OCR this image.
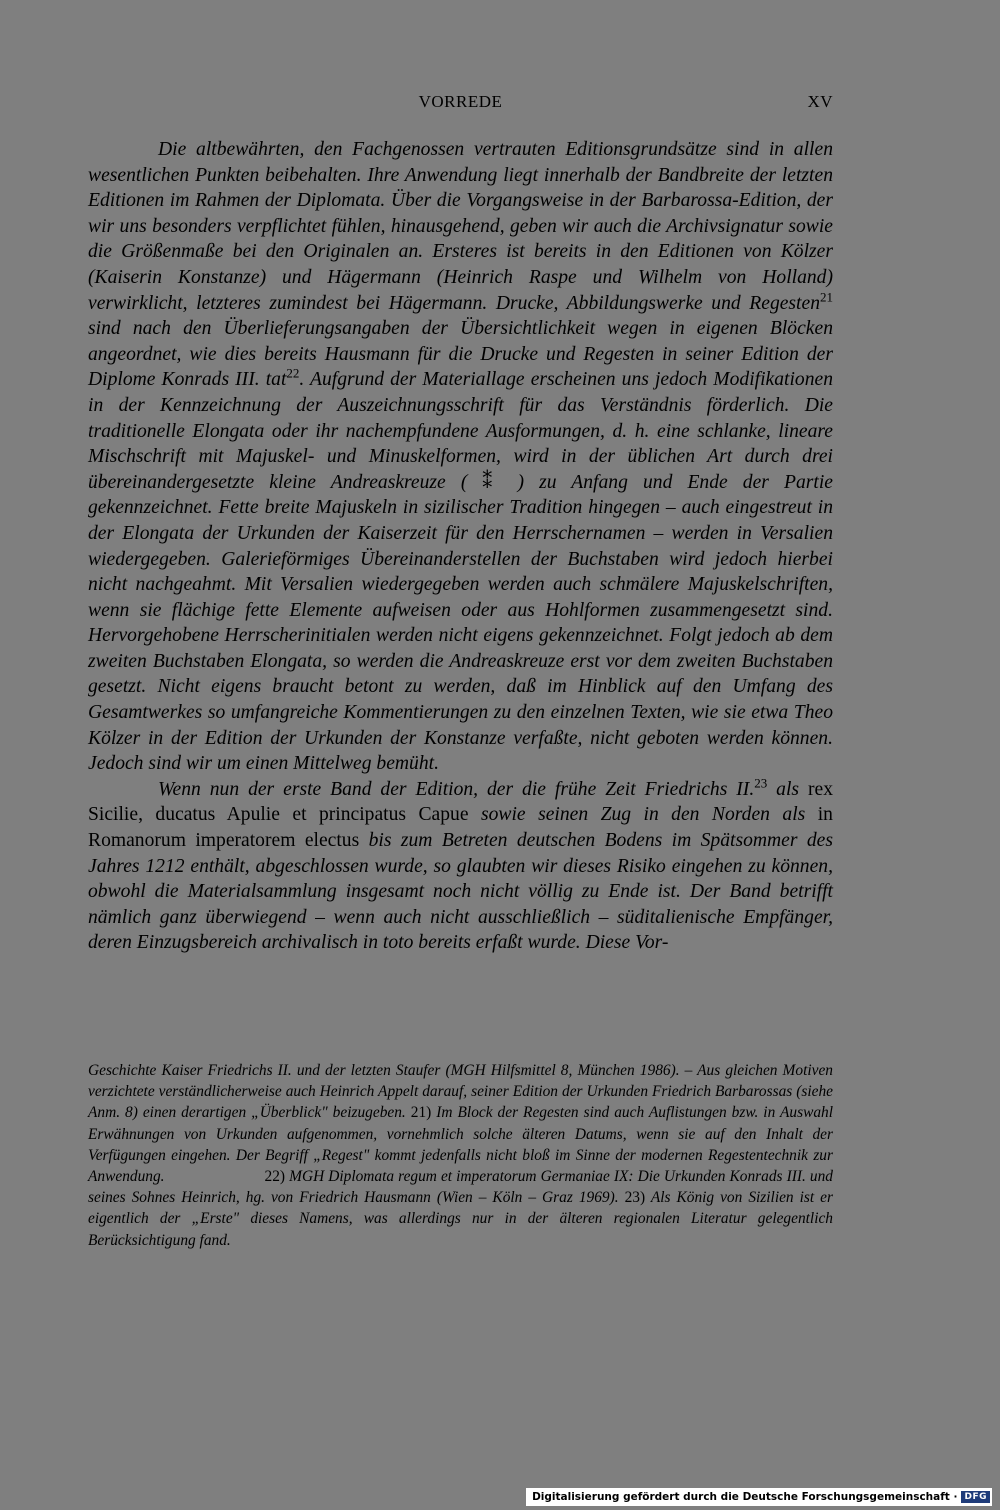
VORREDE	XV

Die altbewährten, den Fachgenossen vertrauten Editionsgrundsätze sind in allen wesentlichen Punkten beibehalten. Ihre Anwendung liegt innerhalb der Bandbreite der letzten Editionen im Rahmen der Diplomata. Über die Vorgangsweise in der Barbarossa-Edition, der wir uns besonders verpflichtet fühlen, hinausgehend, geben wir auch die Archivsignatur sowie die Größenmaße bei den Originalen an. Ersteres ist bereits in den Editionen von Kölzer (Kaiserin Konstanze) und Hägermann (Heinrich Raspe und Wilhelm von Holland) verwirklicht, letzteres zumindest bei Hägermann. Drucke, Abbildungswerke und Regesten$^{21}$ sind nach den Überlieferungsangaben der Übersichtlichkeit wegen in eigenen Blöcken angeordnet, wie dies bereits Hausmann für die Drucke und Regesten in seiner Edition der Diplome Konrads III. tat$^{22}$. Aufgrund der Materiallage erscheinen uns jedoch Modifikationen in der Kennzeichnung der Auszeichnungsschrift für das Verständnis förderlich. Die traditionelle Elongata oder ihr nachempfundene Ausformungen, d. h. eine schlanke, lineare Mischschrift mit Majuskel- und Minuskelformen, wird in der üblichen Art durch drei übereinandergesetzte kleine Andreaskreuze ( ⁑ ) zu Anfang und Ende der Partie gekennzeichnet. Fette breite Majuskeln in sizilischer Tradition hingegen – auch eingestreut in der Elongata der Urkunden der Kaiserzeit für den Herrschernamen – werden in Versalien wiedergegeben. Galerieförmiges Übereinanderstellen der Buchstaben wird jedoch hierbei nicht nachgeahmt. Mit Versalien wiedergegeben werden auch schmälere Majuskelschriften, wenn sie flächige fette Elemente aufweisen oder aus Hohlformen zusammengesetzt sind. Hervorgehobene Herrscherinitialen werden nicht eigens gekennzeichnet. Folgt jedoch ab dem zweiten Buchstaben Elongata, so werden die Andreaskreuze erst vor dem zweiten Buchstaben gesetzt. Nicht eigens braucht betont zu werden, daß im Hinblick auf den Umfang des Gesamtwerkes so umfangreiche Kommentierungen zu den einzelnen Texten, wie sie etwa Theo Kölzer in der Edition der Urkunden der Konstanze verfaßte, nicht geboten werden können. Jedoch sind wir um einen Mittelweg bemüht.

Wenn nun der erste Band der Edition, der die frühe Zeit Friedrichs II.$^{23}$ als rex Sicilie, ducatus Apulie et principatus Capue sowie seinen Zug in den Norden als in Romanorum imperatorem electus bis zum Betreten deutschen Bodens im Spätsommer des Jahres 1212 enthält, abgeschlossen wurde, so glaubten wir dieses Risiko eingehen zu können, obwohl die Materialsammlung insgesamt noch nicht völlig zu Ende ist. Der Band betrifft nämlich ganz überwiegend – wenn auch nicht ausschließlich – süditalienische Empfänger, deren Einzugsbereich archivalisch in toto bereits erfaßt wurde. Diese Vor-

Geschichte Kaiser Friedrichs II. und der letzten Staufer (MGH Hilfsmittel 8, München 1986). – Aus gleichen Motiven verzichtete verständlicherweise auch Heinrich Appelt darauf, seiner Edition der Urkunden Friedrich Barbarossas (siehe Anm. 8) einen derartigen „Überblick" beizugeben. 21) Im Block der Regesten sind auch Auflistungen bzw. in Auswahl Erwähnungen von Urkunden aufgenommen, vornehmlich solche älteren Datums, wenn sie auf den Inhalt der Verfügungen eingehen. Der Begriff „Regest" kommt jedenfalls nicht bloß im Sinne der modernen Regestentechnik zur Anwendung.	22) MGH Diplomata regum et imperatorum Germaniae IX: Die Urkunden Konrads III. und seines Sohnes Heinrich, hg. von Friedrich Hausmann (Wien – Köln – Graz 1969). 23) Als König von Sizilien ist er eigentlich der „Erste" dieses Namens, was allerdings nur in der älteren regionalen Literatur gelegentlich Berücksichtigung fand.

Digitalisierung gefördert durch die Deutsche Forschungsgemeinschaft · DFG
